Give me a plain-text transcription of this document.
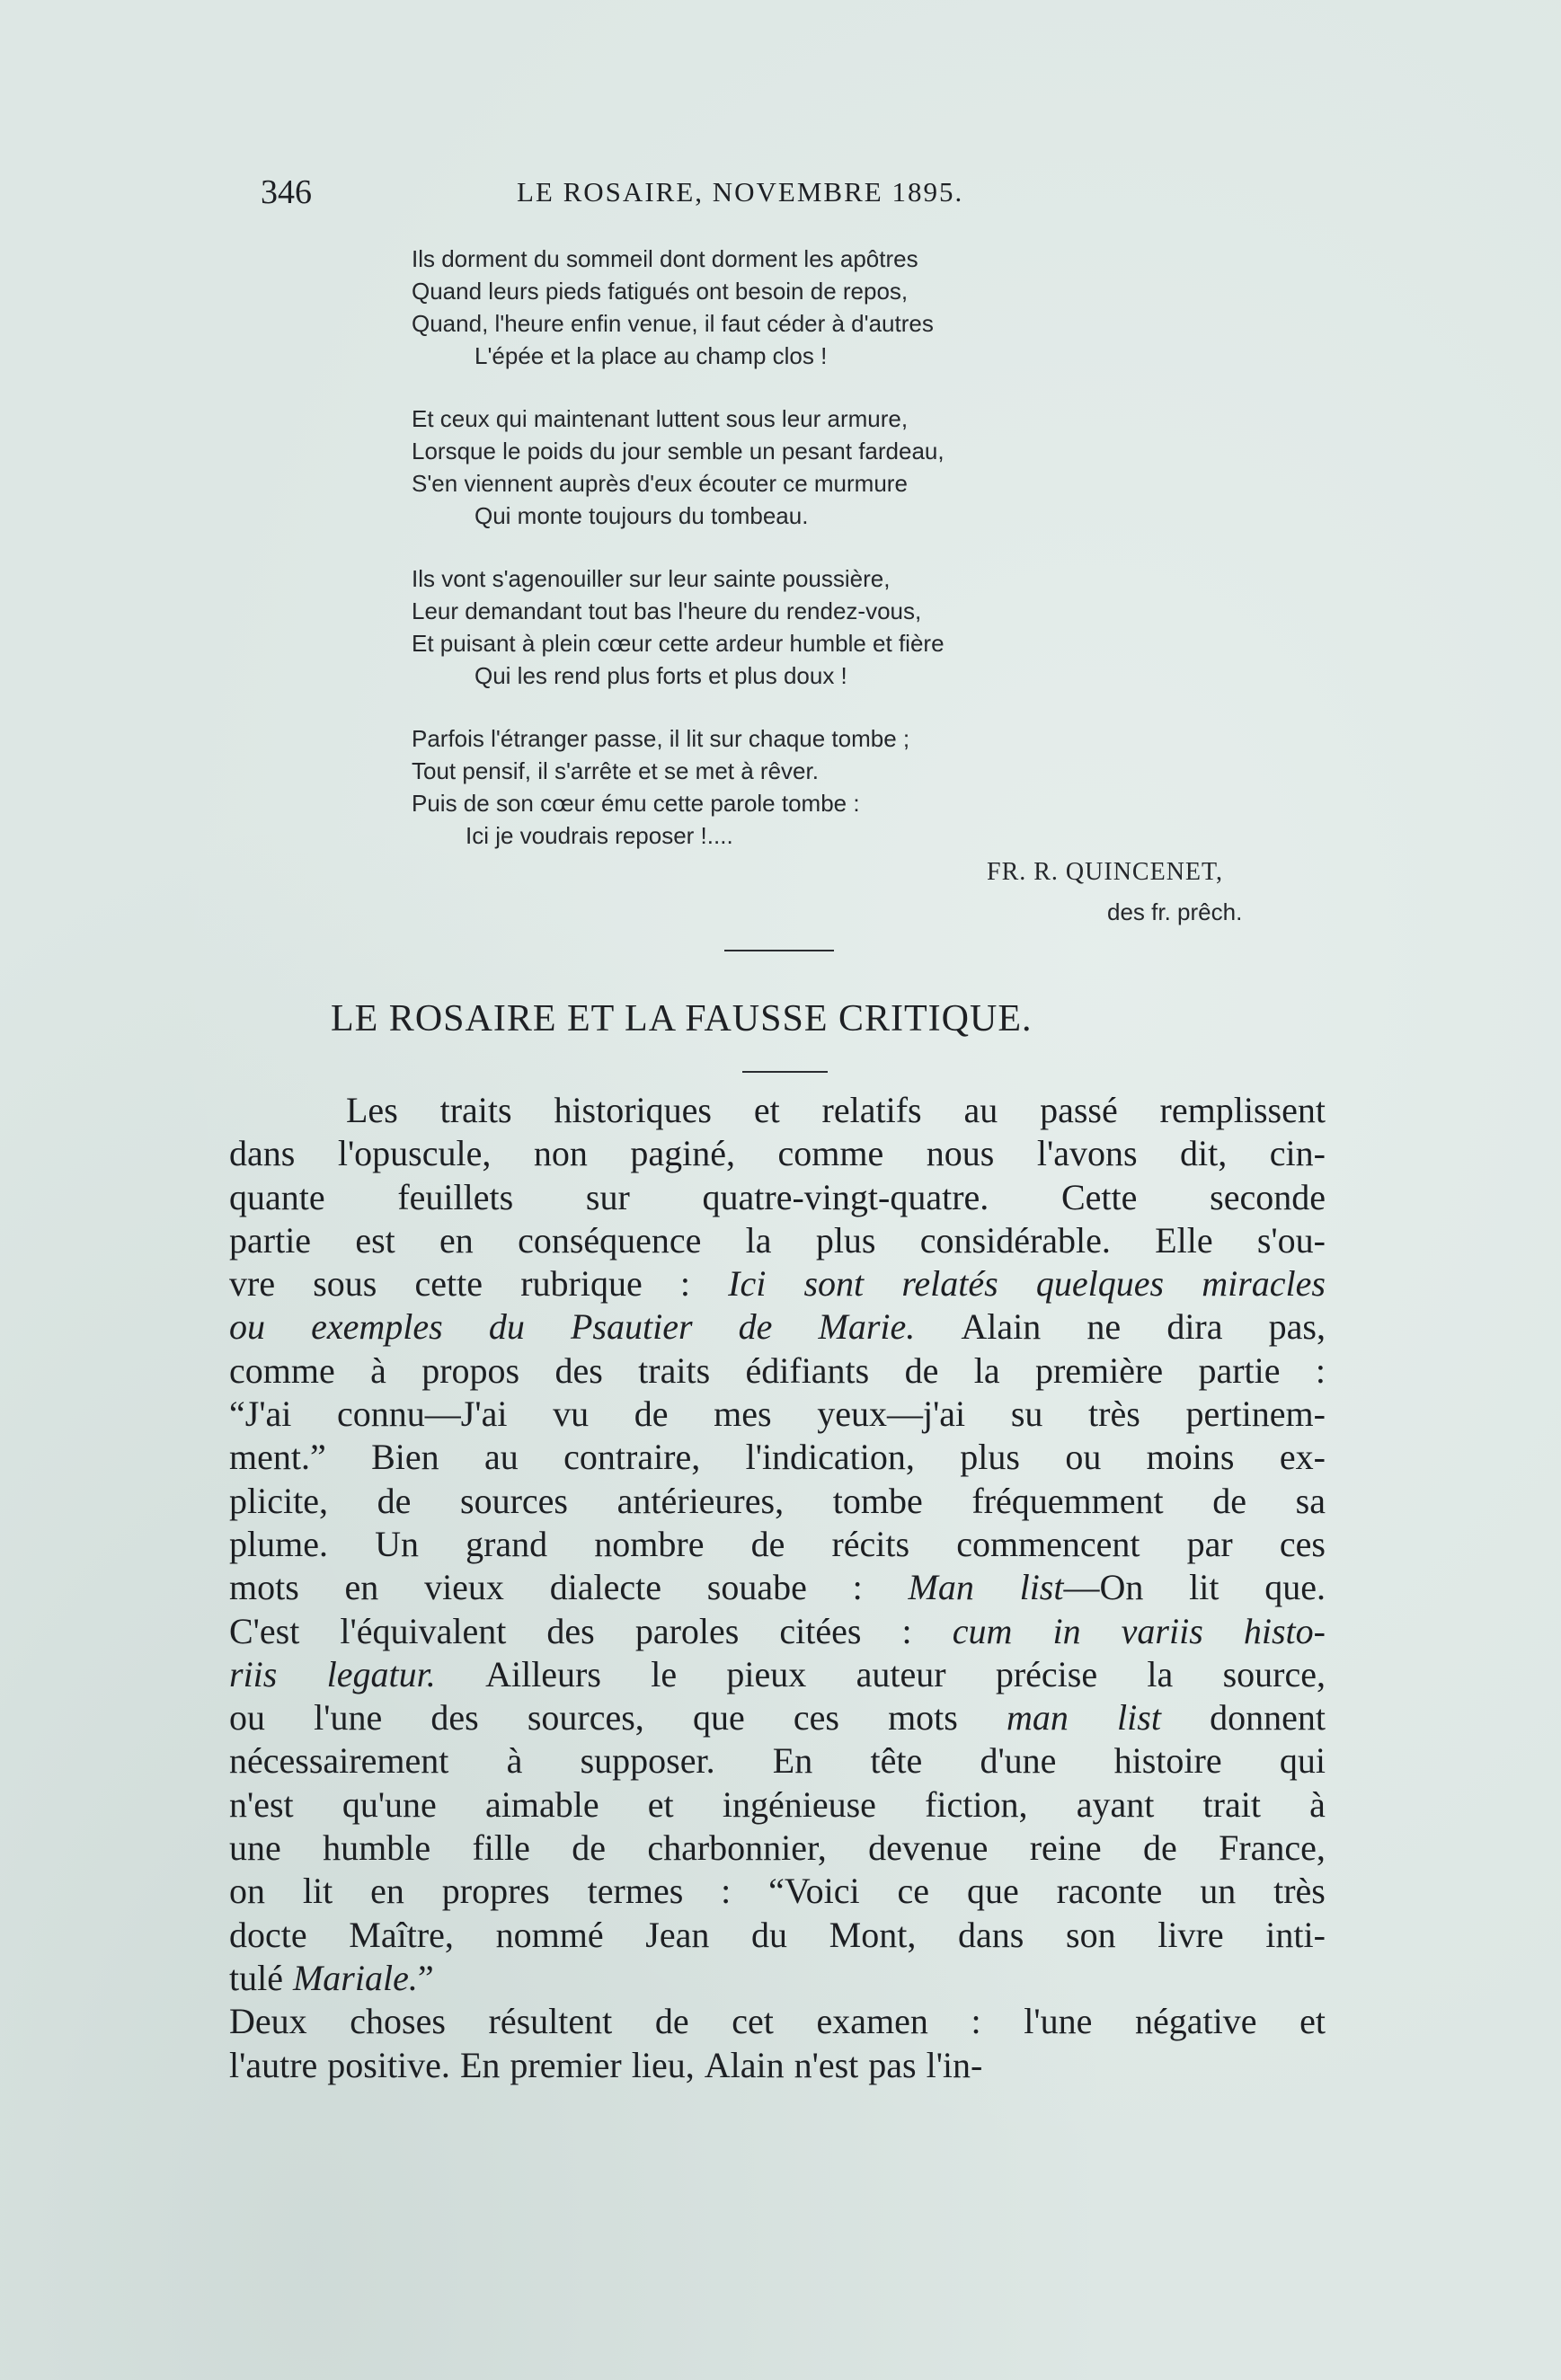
346	LE ROSAIRE, NOVEMBRE 1895.
Ils dorment du sommeil dont dorment les apôtres
Quand leurs pieds fatigués ont besoin de repos,
Quand, l'heure enfin venue, il faut céder à d'autres
L'épée et la place au champ clos !
Et ceux qui maintenant luttent sous leur armure,
Lorsque le poids du jour semble un pesant fardeau,
S'en viennent auprès d'eux écouter ce murmure
Qui monte toujours du tombeau.
Ils vont s'agenouiller sur leur sainte poussière,
Leur demandant tout bas l'heure du rendez-vous,
Et puisant à plein cœur cette ardeur humble et fière
Qui les rend plus forts et plus doux !
Parfois l'étranger passe, il lit sur chaque tombe ;
Tout pensif, il s'arrête et se met à rêver.
Puis de son cœur ému cette parole tombe :
Ici je voudrais reposer !....
FR. R. QUINCENET,
des fr. prêch.
LE ROSAIRE ET LA FAUSSE CRITIQUE.
Les traits historiques et relatifs au passé remplissent
dans l'opuscule, non paginé, comme nous l'avons dit, cin-
quante feuillets sur quatre-vingt-quatre. Cette seconde
partie est en conséquence la plus considérable. Elle s'ou-
vre sous cette rubrique : Ici sont relatés quelques miracles
ou exemples du Psautier de Marie. Alain ne dira pas,
comme à propos des traits édifiants de la première partie :
“J'ai connu—J'ai vu de mes yeux—j'ai su très pertinem-
ment.” Bien au contraire, l'indication, plus ou moins ex-
plicite, de sources antérieures, tombe fréquemment de sa
plume. Un grand nombre de récits commencent par ces
mots en vieux dialecte souabe : Man list—On lit que.
C'est l'équivalent des paroles citées : cum in variis histo-
riis legatur. Ailleurs le pieux auteur précise la source,
ou l'une des sources, que ces mots man list donnent
nécessairement à supposer. En tête d'une histoire qui
n'est qu'une aimable et ingénieuse fiction, ayant trait à
une humble fille de charbonnier, devenue reine de France,
on lit en propres termes : “Voici ce que raconte un très
docte Maître, nommé Jean du Mont, dans son livre inti-
tulé Mariale.”
Deux choses résultent de cet examen : l'une négative et
l'autre positive. En premier lieu, Alain n'est pas l'in-
